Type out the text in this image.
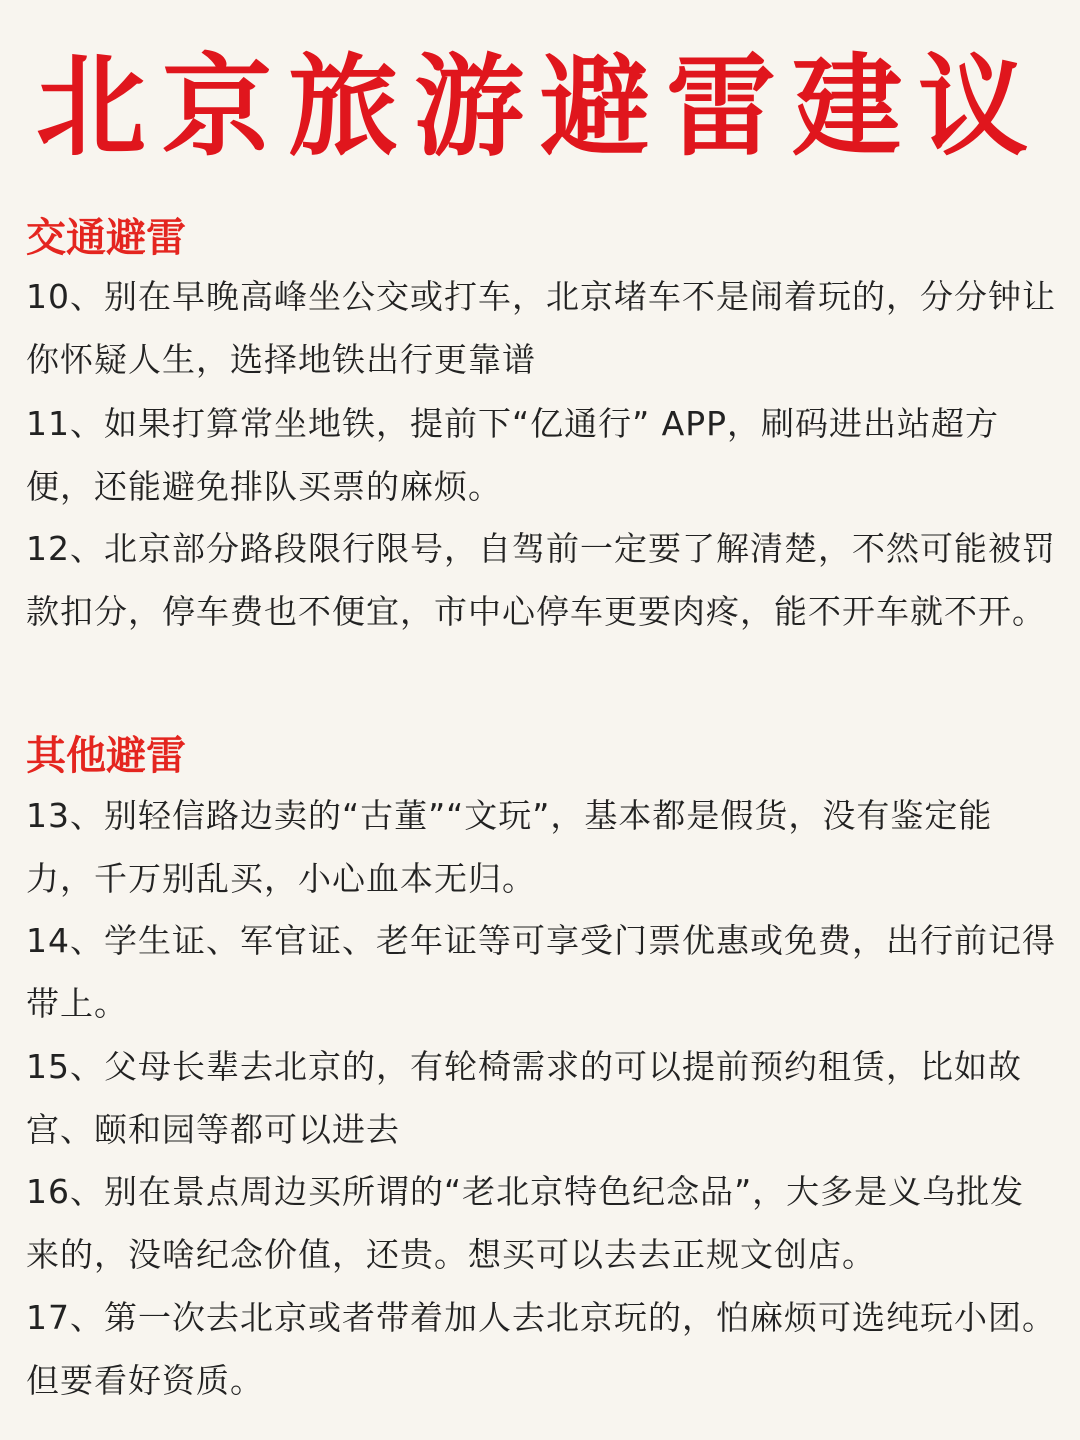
北京旅游避雷建议
交通避雷

10、别在早晚高峰坐公交或打车，北京堵车不是闹着玩的，分分钟让你怀疑人生，选择地铁出行更靠谱

11、如果打算常坐地铁，提前下“亿通行” APP，刷码进出站超方便，还能避免排队买票的麻烦。

12、北京部分路段限行限号，自驾前一定要了解清楚，不然可能被罚款扣分，停车费也不便宜，市中心停车更要肉疼，能不开车就不开。

其他避雷

13、别轻信路边卖的“古董”“文玩”，基本都是假货，没有鉴定能力，千万别乱买，小心血本无归。

14、学生证、军官证、老年证等可享受门票优惠或免费，出行前记得带上。

15、父母长辈去北京的，有轮椅需求的可以提前预约租赁，比如故宫、颐和园等都可以进去

16、别在景点周边买所谓的“老北京特色纪念品”，大多是义乌批发来的，没啥纪念价值，还贵。想买可以去去正规文创店。

17、第一次去北京或者带着加人去北京玩的，怕麻烦可选纯玩小团。但要看好资质。
